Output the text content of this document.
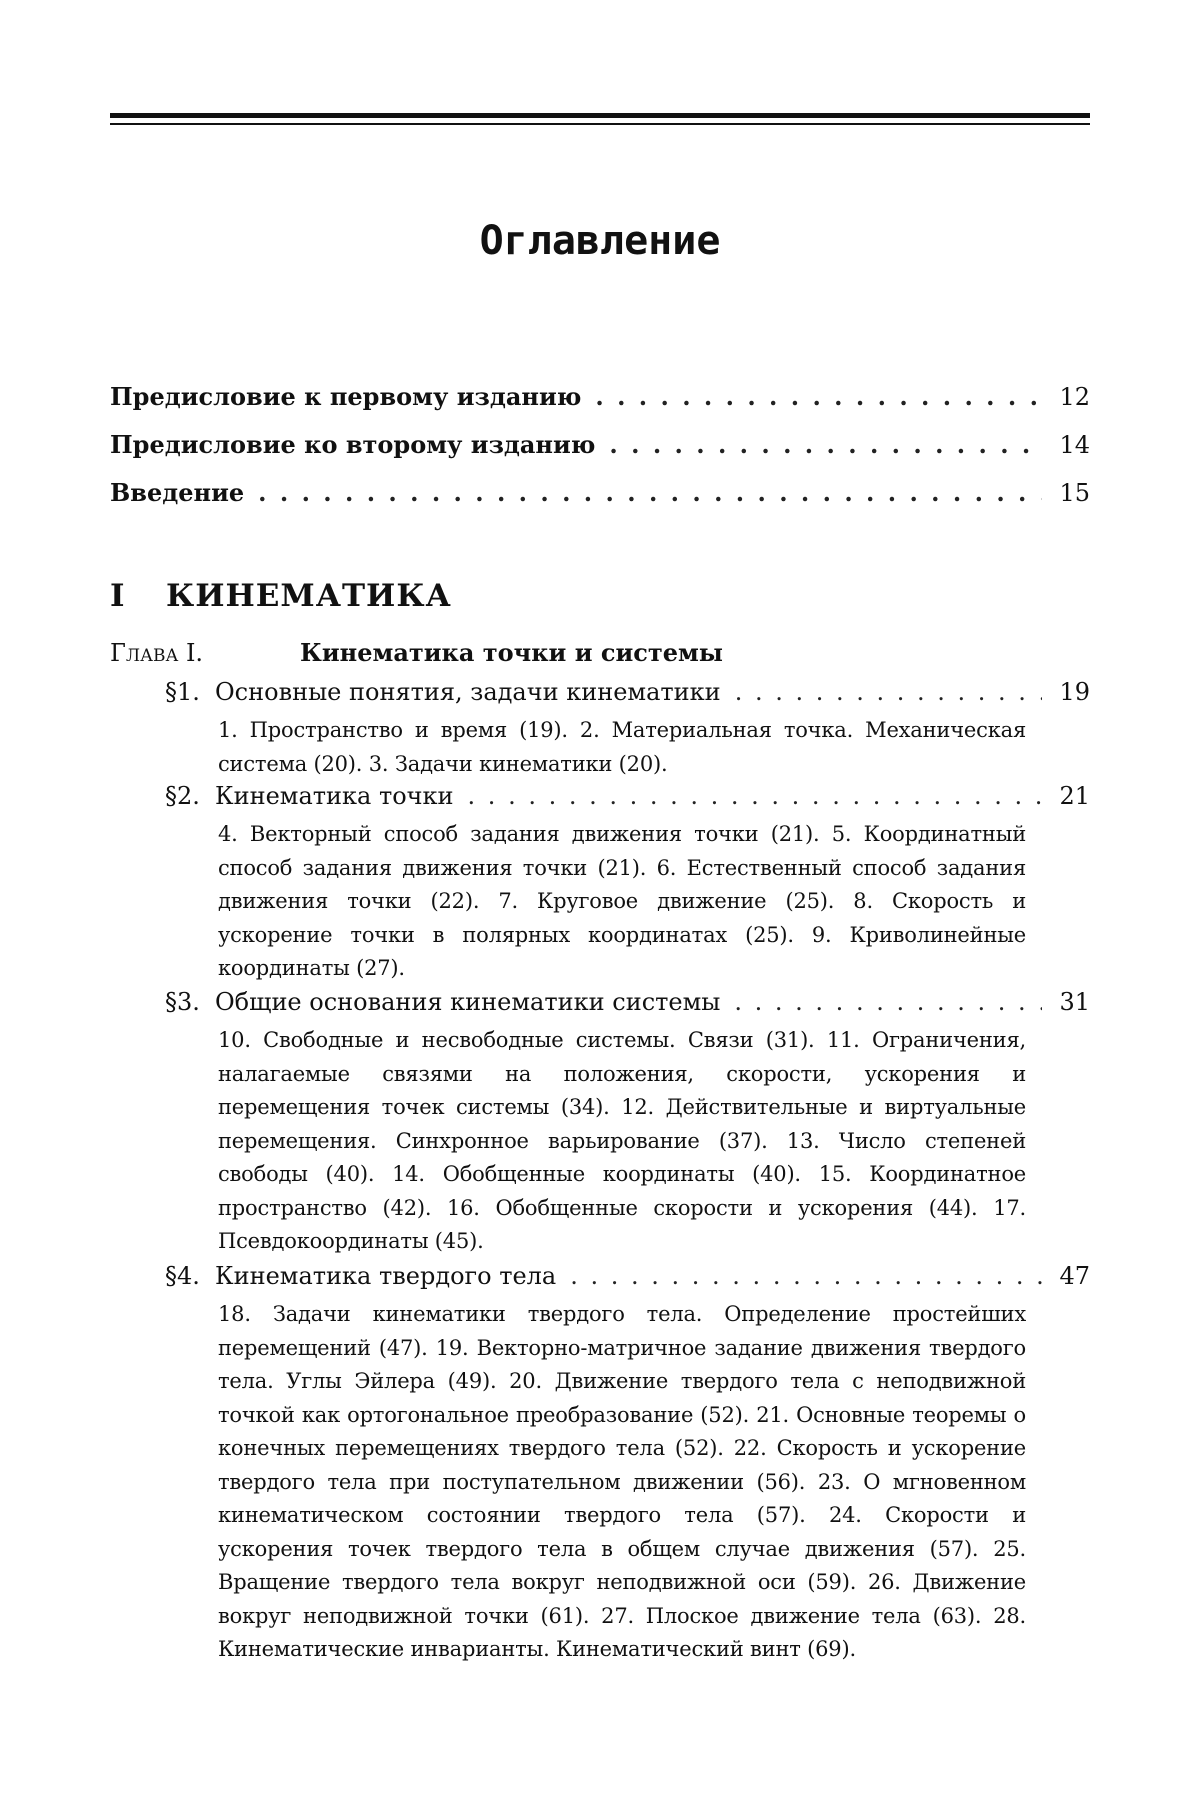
Оглавление
Предисловие к первому изданию . . .	12
Предисловие ко второму изданию . . .	14
Введение . . .	15
I КИНЕМАТИКА
Глава I.	Кинематика точки и системы
§1. Основные понятия, задачи кинематики . . .	19
1. Пространство и время (19). 2. Материальная точка. Механическая система (20). 3. Задачи кинематики (20).
§2. Кинематика точки . . .	21
4. Векторный способ задания движения точки (21). 5. Координатный способ задания движения точки (21). 6. Естественный способ задания движения точки (22). 7. Круговое движение (25). 8. Скорость и ускорение точки в полярных координатах (25). 9. Криволинейные координаты (27).
§3. Общие основания кинематики системы . . .	31
10. Свободные и несвободные системы. Связи (31). 11. Ограничения, налагаемые связями на положения, скорости, ускорения и перемещения точек системы (34). 12. Действительные и виртуальные перемещения. Синхронное варьирование (37). 13. Число степеней свободы (40). 14. Обобщенные координаты (40). 15. Координатное пространство (42). 16. Обобщенные скорости и ускорения (44). 17. Псевдокоординаты (45).
§4. Кинематика твердого тела . . .	47
18. Задачи кинематики твердого тела. Определение простейших перемещений (47). 19. Векторно-матричное задание движения твердого тела. Углы Эйлера (49). 20. Движение твердого тела с неподвижной точкой как ортогональное преобразование (52). 21. Основные теоремы о конечных перемещениях твердого тела (52). 22. Скорость и ускорение твердого тела при поступательном движении (56). 23. О мгновенном кинематическом состоянии твердого тела (57). 24. Скорости и ускорения точек твердого тела в общем случае движения (57). 25. Вращение твердого тела вокруг неподвижной оси (59). 26. Движение вокруг неподвижной точки (61). 27. Плоское движение тела (63). 28. Кинематические инварианты. Кинематический винт (69).
